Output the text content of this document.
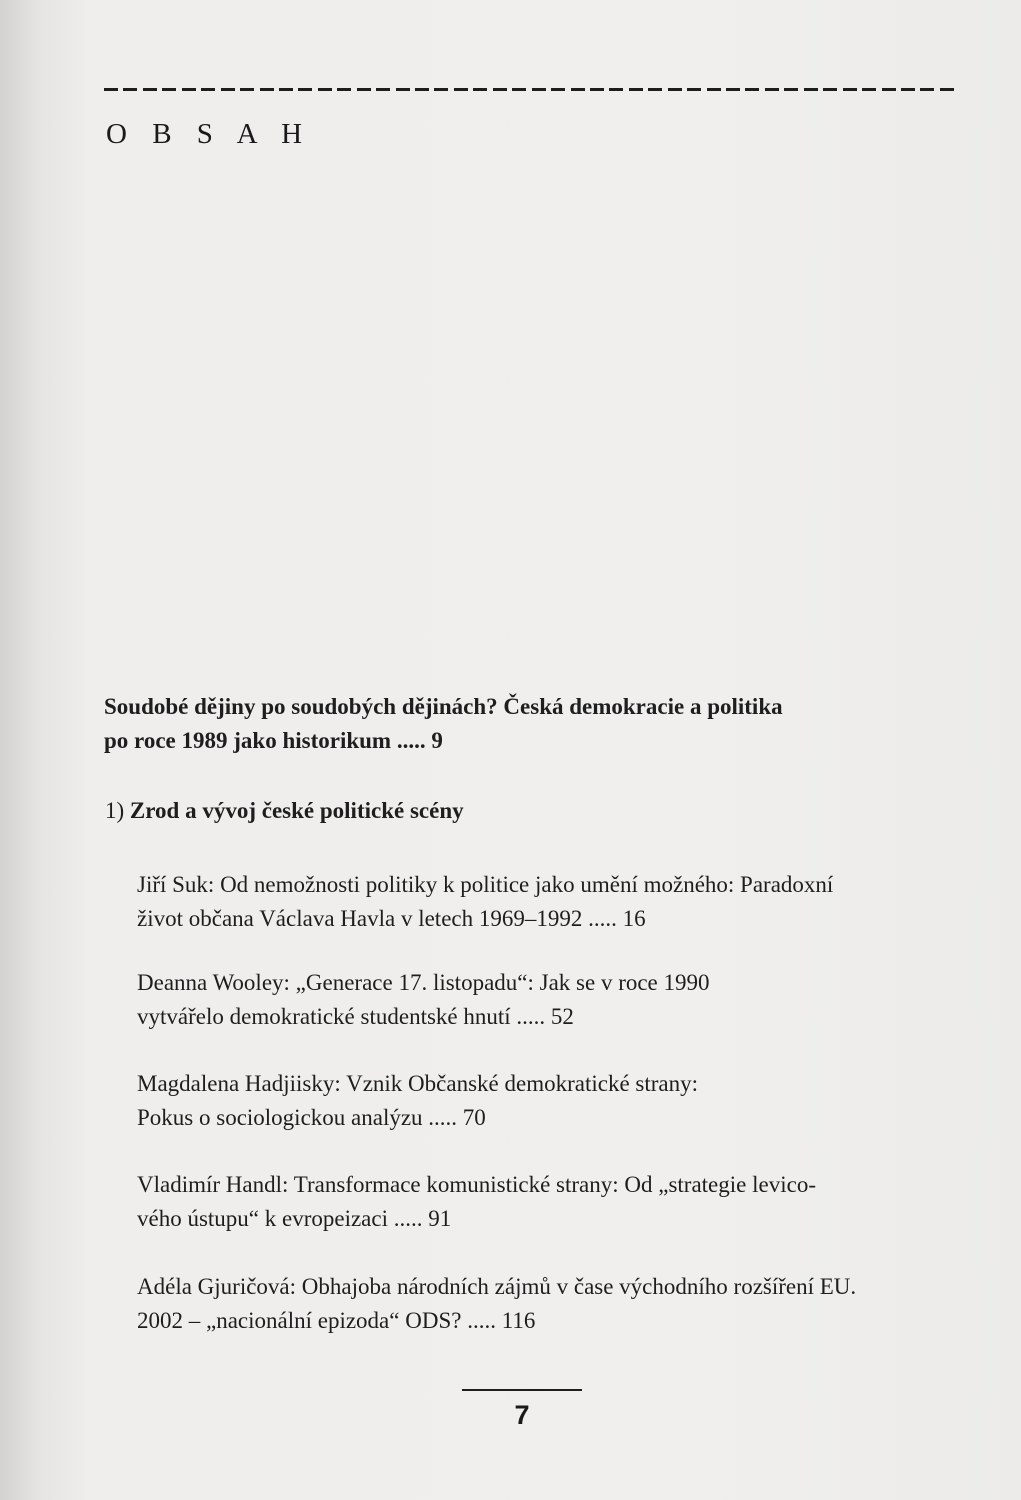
O B S A H

Soudobé dějiny po soudobých dějinách? Česká demokracie a politika

po roce 1989 jako historikum ..... 9

1) Zrod a vývoj české politické scény
Jiří Suk: Od nemožnosti politiky k politice jako umění možného: Paradoxní
život občana Václava Havla v letech 1969–1992 ..... 16
Deanna Wooley: „Generace 17. listopadu“: Jak se v roce 1990
vytvářelo demokratické studentské hnutí ..... 52
Magdalena Hadjiisky: Vznik Občanské demokratické strany:
Pokus o sociologickou analýzu ..... 70
Vladimír Handl: Transformace komunistické strany: Od „strategie levico-
vého ústupu“ k evropeizaci ..... 91
Adéla Gjuričová: Obhajoba národních zájmů v čase východního rozšíření EU.
2002 – „nacionální epizoda“ ODS? ..... 116
7
